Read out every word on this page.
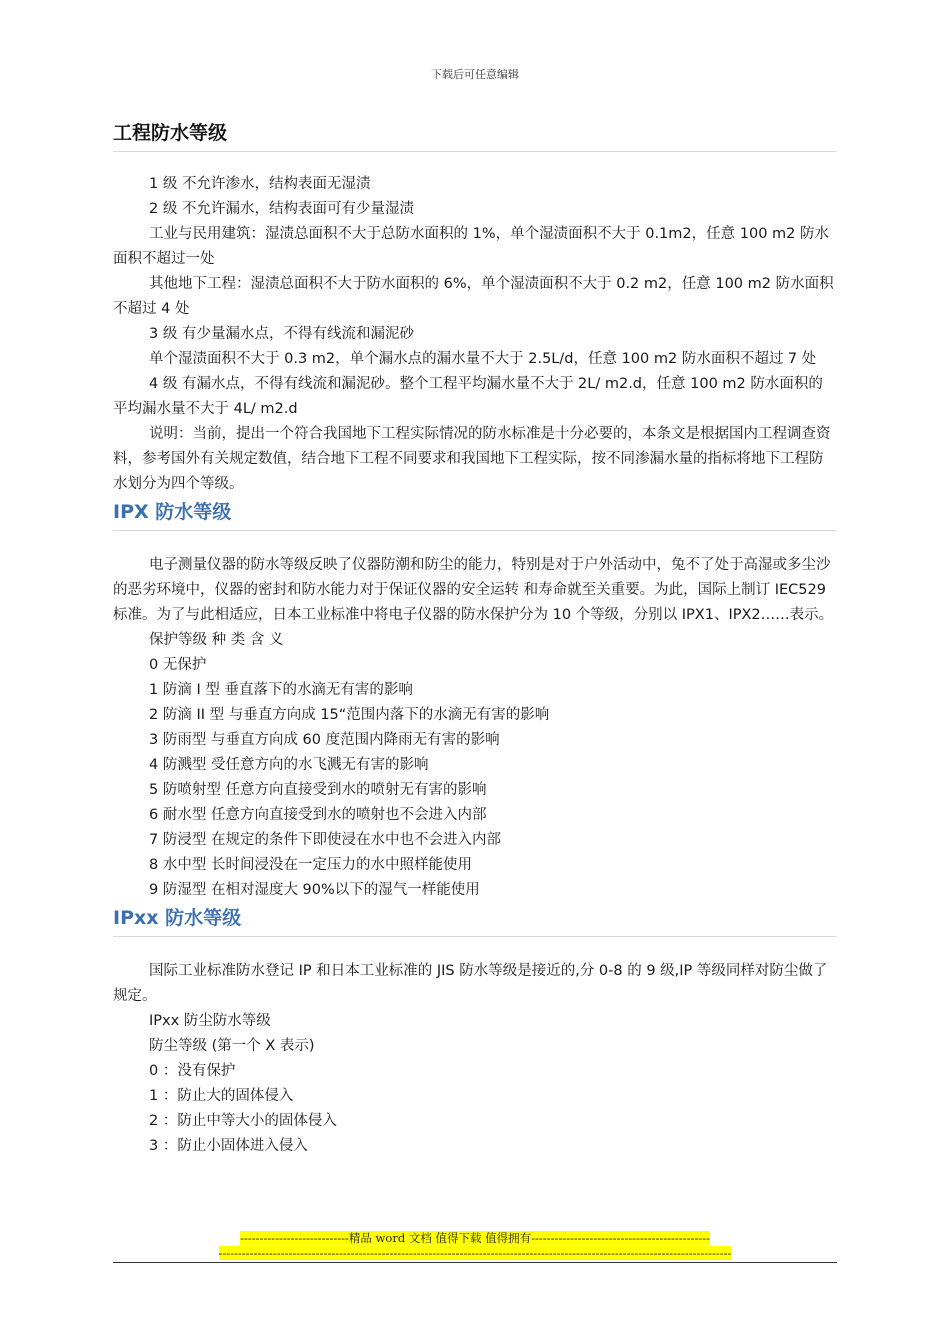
下载后可任意编辑
工程防水等级

1 级 不允许渗水，结构表面无湿渍

2 级 不允许漏水，结构表面可有少量湿渍

工业与民用建筑：湿渍总面积不大于总防水面积的 1%，单个湿渍面积不大于 0.1m2，任意 100 m2 防水面积不超过一处

其他地下工程：湿渍总面积不大于防水面积的 6%，单个湿渍面积不大于 0.2 m2，任意 100 m2 防水面积不超过 4 处

3 级 有少量漏水点，不得有线流和漏泥砂

单个湿渍面积不大于 0.3 m2，单个漏水点的漏水量不大于 2.5L/d，任意 100 m2 防水面积不超过 7 处

4 级 有漏水点，不得有线流和漏泥砂。整个工程平均漏水量不大于 2L/ m2.d，任意 100 m2 防水面积的平均漏水量不大于 4L/ m2.d

说明：当前，提出一个符合我国地下工程实际情况的防水标准是十分必要的，本条文是根据国内工程调查资料，参考国外有关规定数值，结合地下工程不同要求和我国地下工程实际，按不同渗漏水量的指标将地下工程防水划分为四个等级。

IPX 防水等级

电子测量仪器的防水等级反映了仪器防潮和防尘的能力，特别是对于户外活动中，兔不了处于高湿或多尘沙的恶劣环境中，仪器的密封和防水能力对于保证仪器的安全运转 和寿命就至关重要。为此，国际上制订 IEC529 标准。为了与此相适应，日本工业标准中将电子仪器的防水保护分为 10 个等级，分别以 IPX1、IPX2……表示。

保护等级 种 类 含 义

0 无保护

1 防滴 I 型 垂直落下的水滴无有害的影响

2 防滴 II 型 与垂直方向成 15“范围内落下的水滴无有害的影响

3 防雨型 与垂直方向成 60 度范围内降雨无有害的影响

4 防溅型 受任意方向的水飞溅无有害的影响

5 防喷射型 任意方向直接受到水的喷射无有害的影响

6 耐水型 任意方向直接受到水的喷射也不会进入内部

7 防浸型 在规定的条件下即使浸在水中也不会进入内部

8 水中型 长时间浸没在一定压力的水中照样能使用

9 防湿型 在相对湿度大 90%以下的湿气一样能使用

IPxx 防水等级

国际工业标准防水登记 IP 和日本工业标准的 JIS 防水等级是接近的,分 0-8 的 9 级,IP 等级同样对防尘做了规定。

IPxx 防尘防水等级

防尘等级 (第一个 X 表示)

0 ：没有保护

1 ：防止大的固体侵入

2 ：防止中等大小的固体侵入

3 ：防止小固体进入侵入

----------------------------精品 word 文档 值得下载 值得拥有----------------------------------------------
------------------------------------------------------------------------------------------------------------------------------------
